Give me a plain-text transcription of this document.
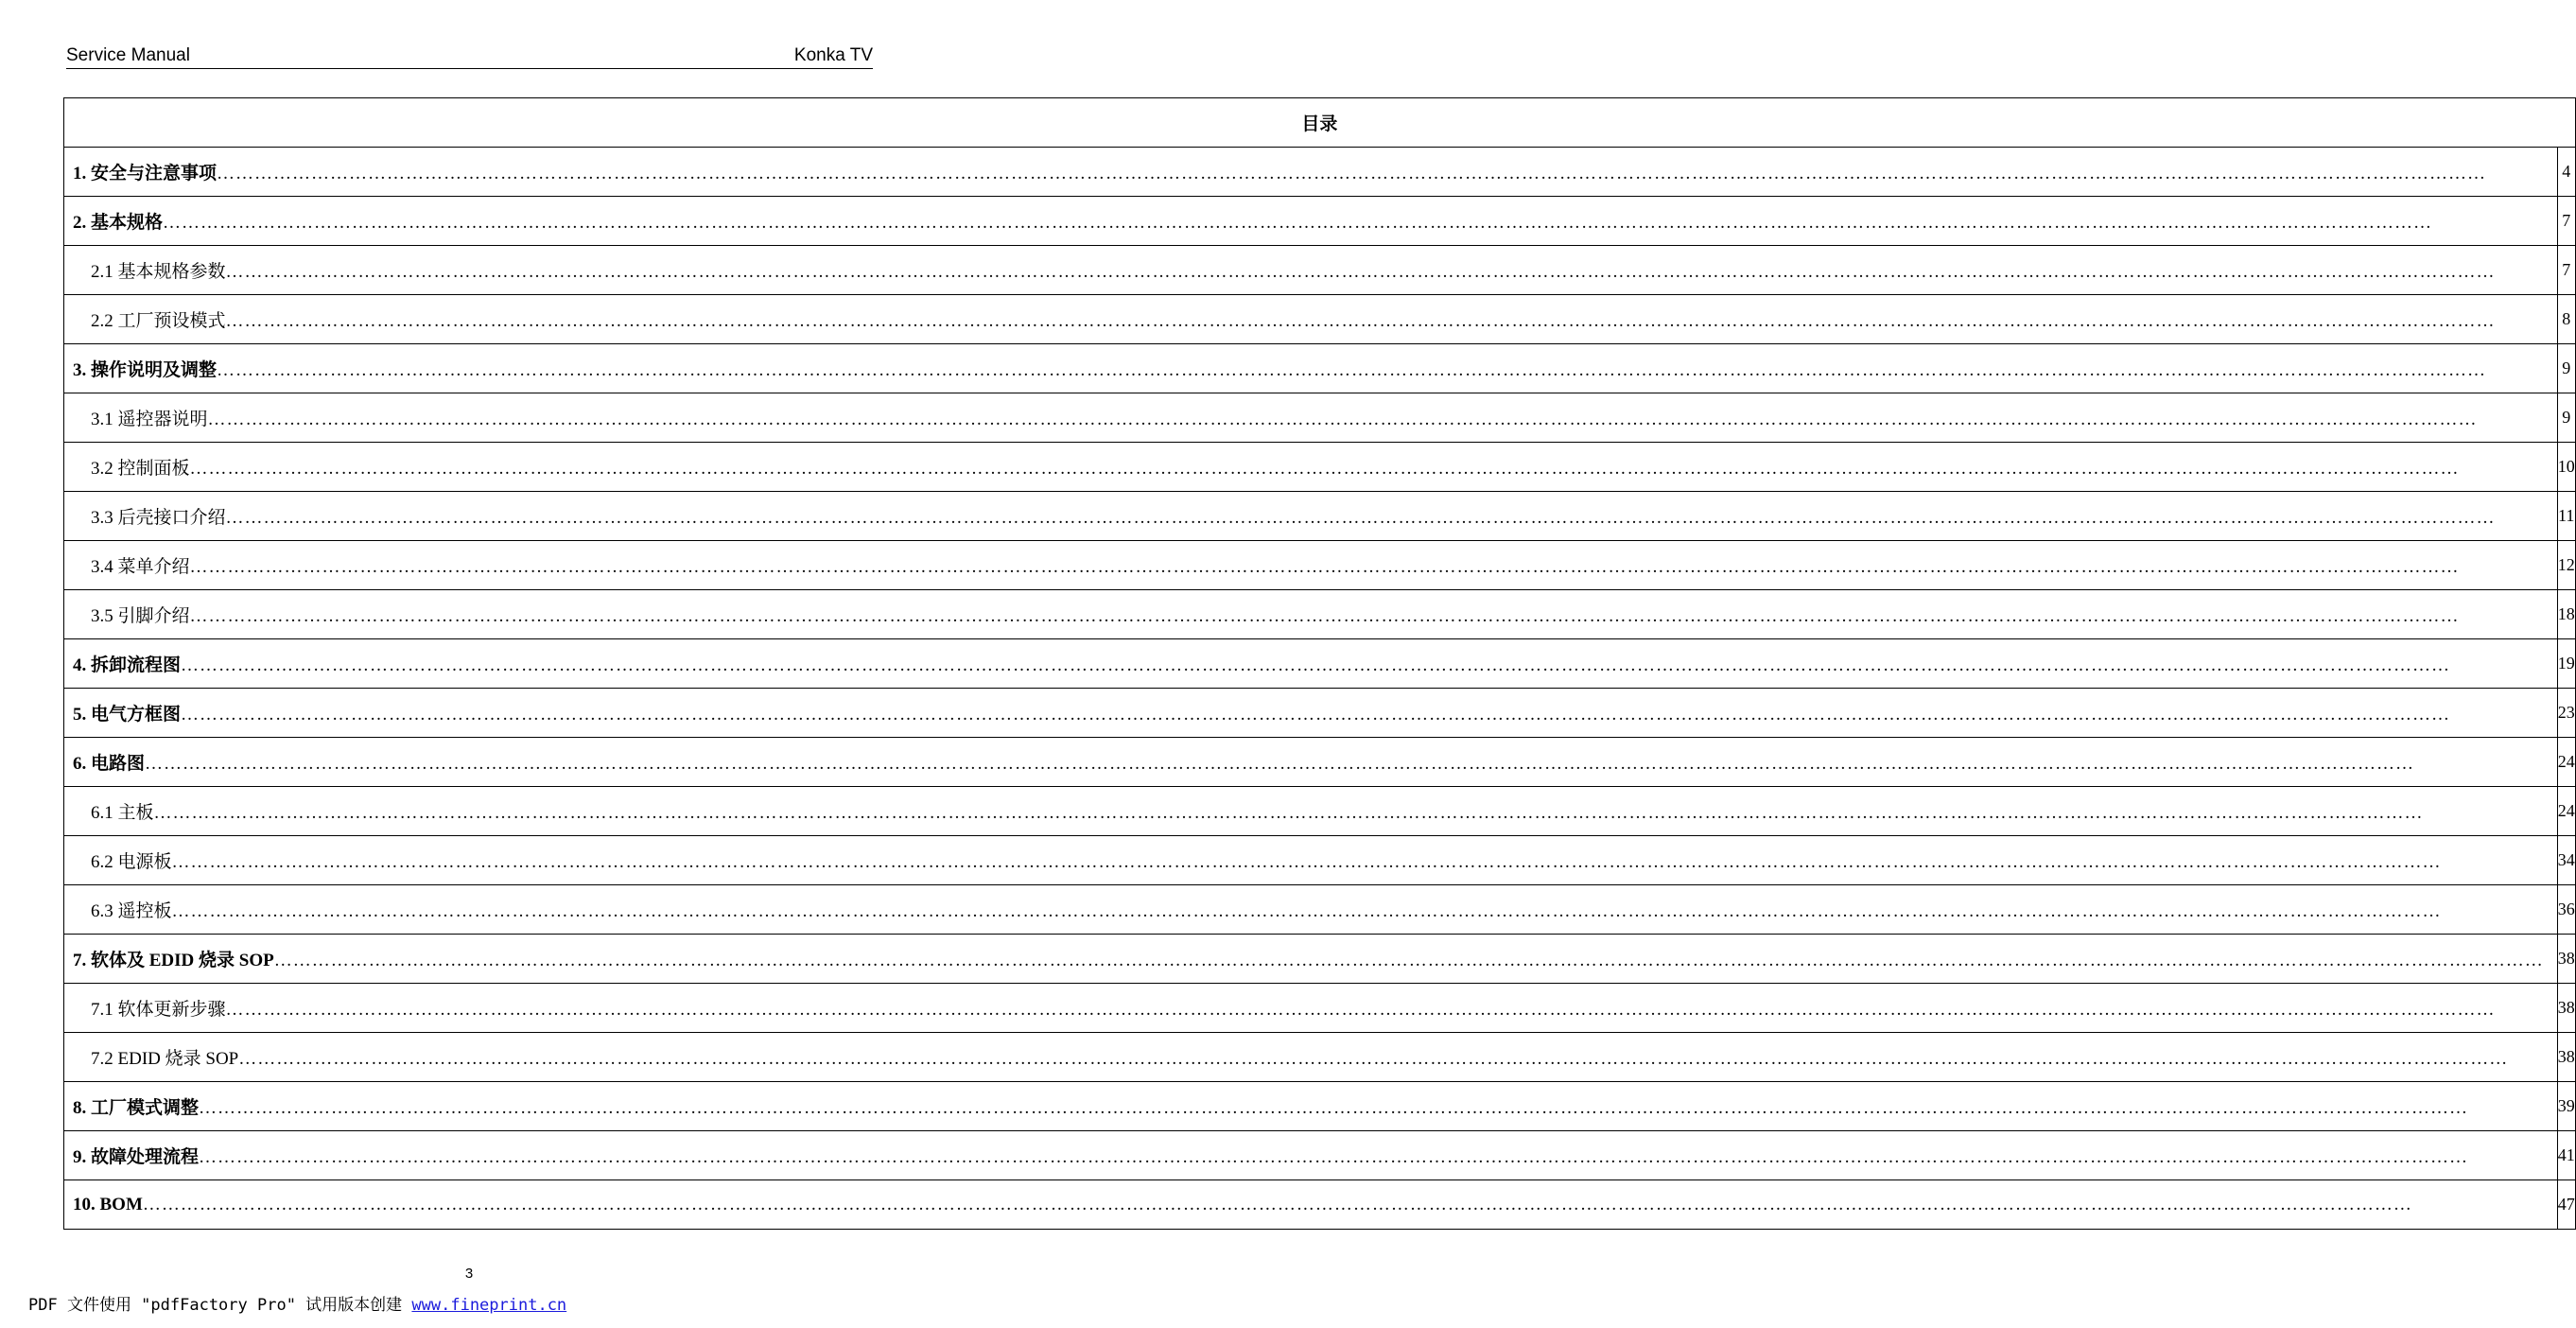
Service Manual	Konka TV
目录	

1. 安全与注意事项………………………………………………………………………………………………………………………………………………………………………………………………………………………………………………………………………………………………………………………………	4

2. 基本规格………………………………………………………………………………………………………………………………………………………………………………………………………………………………………………………………………………………………………………………………	7

2.1 基本规格参数………………………………………………………………………………………………………………………………………………………………………………………………………………………………………………………………………………………………………………………………	7

2.2 工厂预设模式………………………………………………………………………………………………………………………………………………………………………………………………………………………………………………………………………………………………………………………………	8

3. 操作说明及调整………………………………………………………………………………………………………………………………………………………………………………………………………………………………………………………………………………………………………………………………	9

3.1 遥控器说明………………………………………………………………………………………………………………………………………………………………………………………………………………………………………………………………………………………………………………………………	9

3.2 控制面板………………………………………………………………………………………………………………………………………………………………………………………………………………………………………………………………………………………………………………………………	10

3.3 后壳接口介绍………………………………………………………………………………………………………………………………………………………………………………………………………………………………………………………………………………………………………………………………	11

3.4 菜单介绍………………………………………………………………………………………………………………………………………………………………………………………………………………………………………………………………………………………………………………………………	12

3.5 引脚介绍………………………………………………………………………………………………………………………………………………………………………………………………………………………………………………………………………………………………………………………………	18

4. 拆卸流程图………………………………………………………………………………………………………………………………………………………………………………………………………………………………………………………………………………………………………………………………	19

5. 电气方框图………………………………………………………………………………………………………………………………………………………………………………………………………………………………………………………………………………………………………………………………	23

6. 电路图………………………………………………………………………………………………………………………………………………………………………………………………………………………………………………………………………………………………………………………………	24

6.1 主板………………………………………………………………………………………………………………………………………………………………………………………………………………………………………………………………………………………………………………………………	24

6.2 电源板………………………………………………………………………………………………………………………………………………………………………………………………………………………………………………………………………………………………………………………………	34

6.3 遥控板………………………………………………………………………………………………………………………………………………………………………………………………………………………………………………………………………………………………………………………………	36

7. 软体及 EDID 烧录 SOP………………………………………………………………………………………………………………………………………………………………………………………………………………………………………………………………………………………………………………………………	38

7.1 软体更新步骤………………………………………………………………………………………………………………………………………………………………………………………………………………………………………………………………………………………………………………………………	38

7.2 EDID 烧录 SOP………………………………………………………………………………………………………………………………………………………………………………………………………………………………………………………………………………………………………………………………	38

8. 工厂模式调整………………………………………………………………………………………………………………………………………………………………………………………………………………………………………………………………………………………………………………………………	39

9. 故障处理流程………………………………………………………………………………………………………………………………………………………………………………………………………………………………………………………………………………………………………………………………	41

10. BOM………………………………………………………………………………………………………………………………………………………………………………………………………………………………………………………………………………………………………………………………	47
3
PDF 文件使用 "pdfFactory Pro" 试用版本创建 www.fineprint.cn
